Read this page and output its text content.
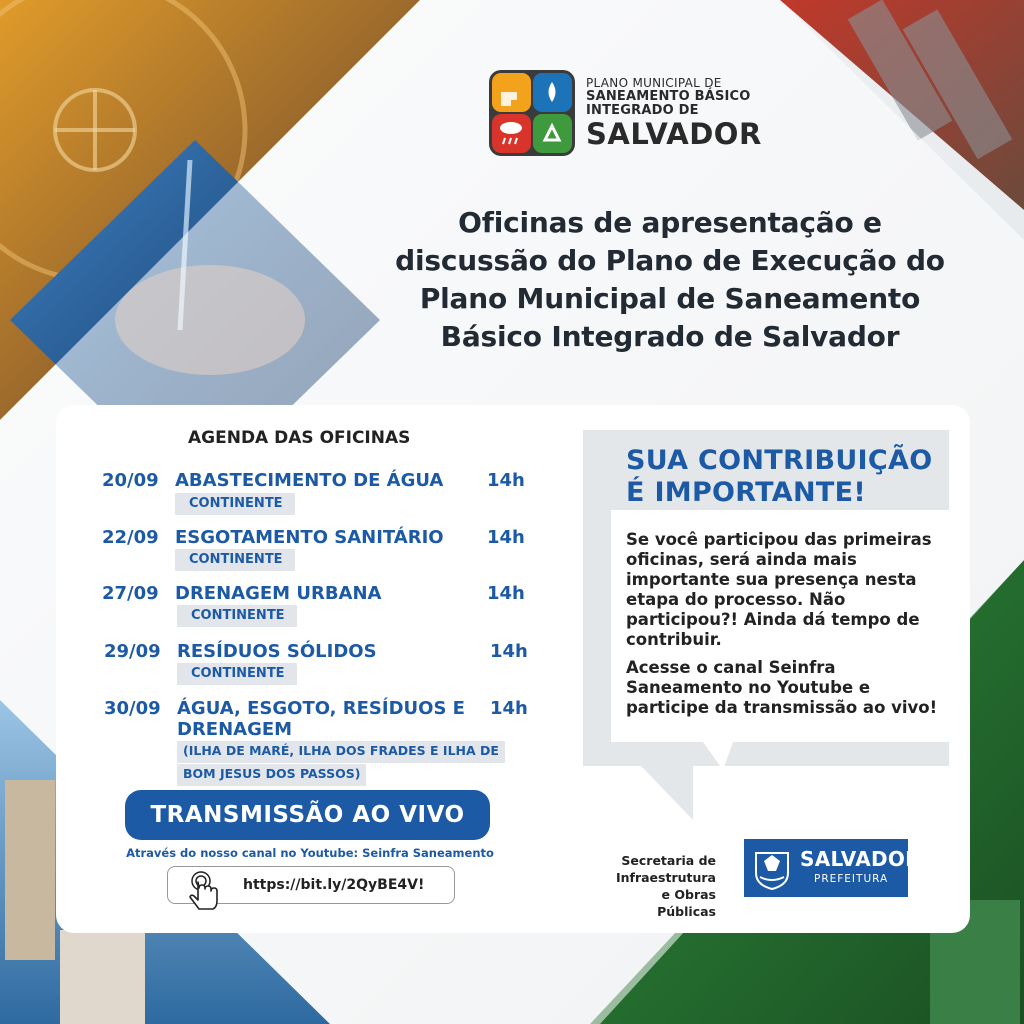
PLANO MUNICIPAL DE
SANEAMENTO BÁSICO
INTEGRADO DE
SALVADOR
Oficinas de apresentação e
discussão do Plano de Execução do
Plano Municipal de Saneamento
Básico Integrado de Salvador
AGENDA DAS OFICINAS
20/09 ABASTECIMENTO DE ÁGUA 14h
CONTINENTE
22/09 ESGOTAMENTO SANITÁRIO 14h
CONTINENTE
27/09 DRENAGEM URBANA	14h
CONTINENTE
29/09 RESÍDUOS SÓLIDOS	14h
CONTINENTE
30/09 ÁGUA, ESGOTO, RESÍDUOS E
DRENAGEM
14h
(ILHA DE MARÉ, ILHA DOS FRADES E ILHA DE
BOM JESUS DOS PASSOS)
TRANSMISSÃO AO VIVO
Através do nosso canal no Youtube: Seinfra Saneamento
https://bit.ly/2QyBE4V!
SUA CONTRIBUIÇÃO
É IMPORTANTE!

Se você participou das primeiras oficinas, será ainda mais importante sua presença nesta etapa do processo. Não participou?! Ainda dá tempo de contribuir.

Acesse o canal Seinfra Saneamento no Youtube e participe da transmissão ao vivo!

Secretaria de
Infraestrutura
e Obras Públicas
SALVADOR
PREFEITURA
